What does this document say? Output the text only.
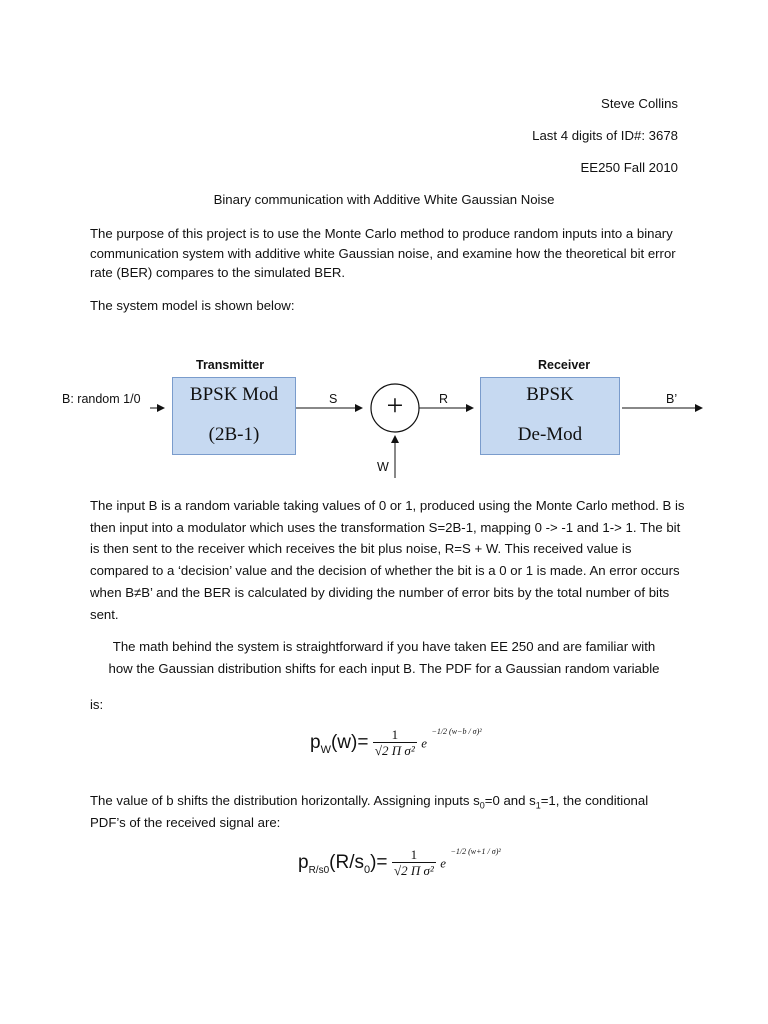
Steve Collins
Last 4 digits of ID#: 3678
EE250 Fall 2010
Binary communication with Additive White Gaussian Noise
The purpose of this project is to use the Monte Carlo method to produce random inputs into a binary communication system with additive white Gaussian noise, and examine how the theoretical bit error rate (BER) compares to the simulated BER.
The system model is shown below:
Transmitter	Receiver
B: random 1/0	BPSK Mod
(2B-1)
S	+	R	BPSK
De-Mod
B’
W
The input B is a random variable taking values of 0 or 1, produced using the Monte Carlo method. B is then input into a modulator which uses the transformation S=2B-1, mapping 0 -> -1 and 1-> 1. The bit is then sent to the receiver which receives the bit plus noise, R=S + W. This received value is compared to a ‘decision’ value and the decision of whether the bit is a 0 or 1 is made. An error occurs when B≠B’ and the BER is calculated by dividing the number of error bits by the total number of bits sent.
The math behind the system is straightforward if you have taken EE 250 and are familiar with
how the Gaussian distribution shifts for each input B. The PDF for a Gaussian random variable
is:
$p_W(w)= \frac{1}{\text{√2 Π σ²}}$ e $^{-1/2 (w-b / \sigma)^2}$
The value of b shifts the distribution horizontally. Assigning inputs $s_0=0$ and $s_1=1$, the conditional
PDF’s of the received signal are:
$p_{R/s0}(R/s_0)= \frac{1}{\text{√2 Π σ²}}$ e $^{-1/2 (w+1 / \sigma)^2}$
